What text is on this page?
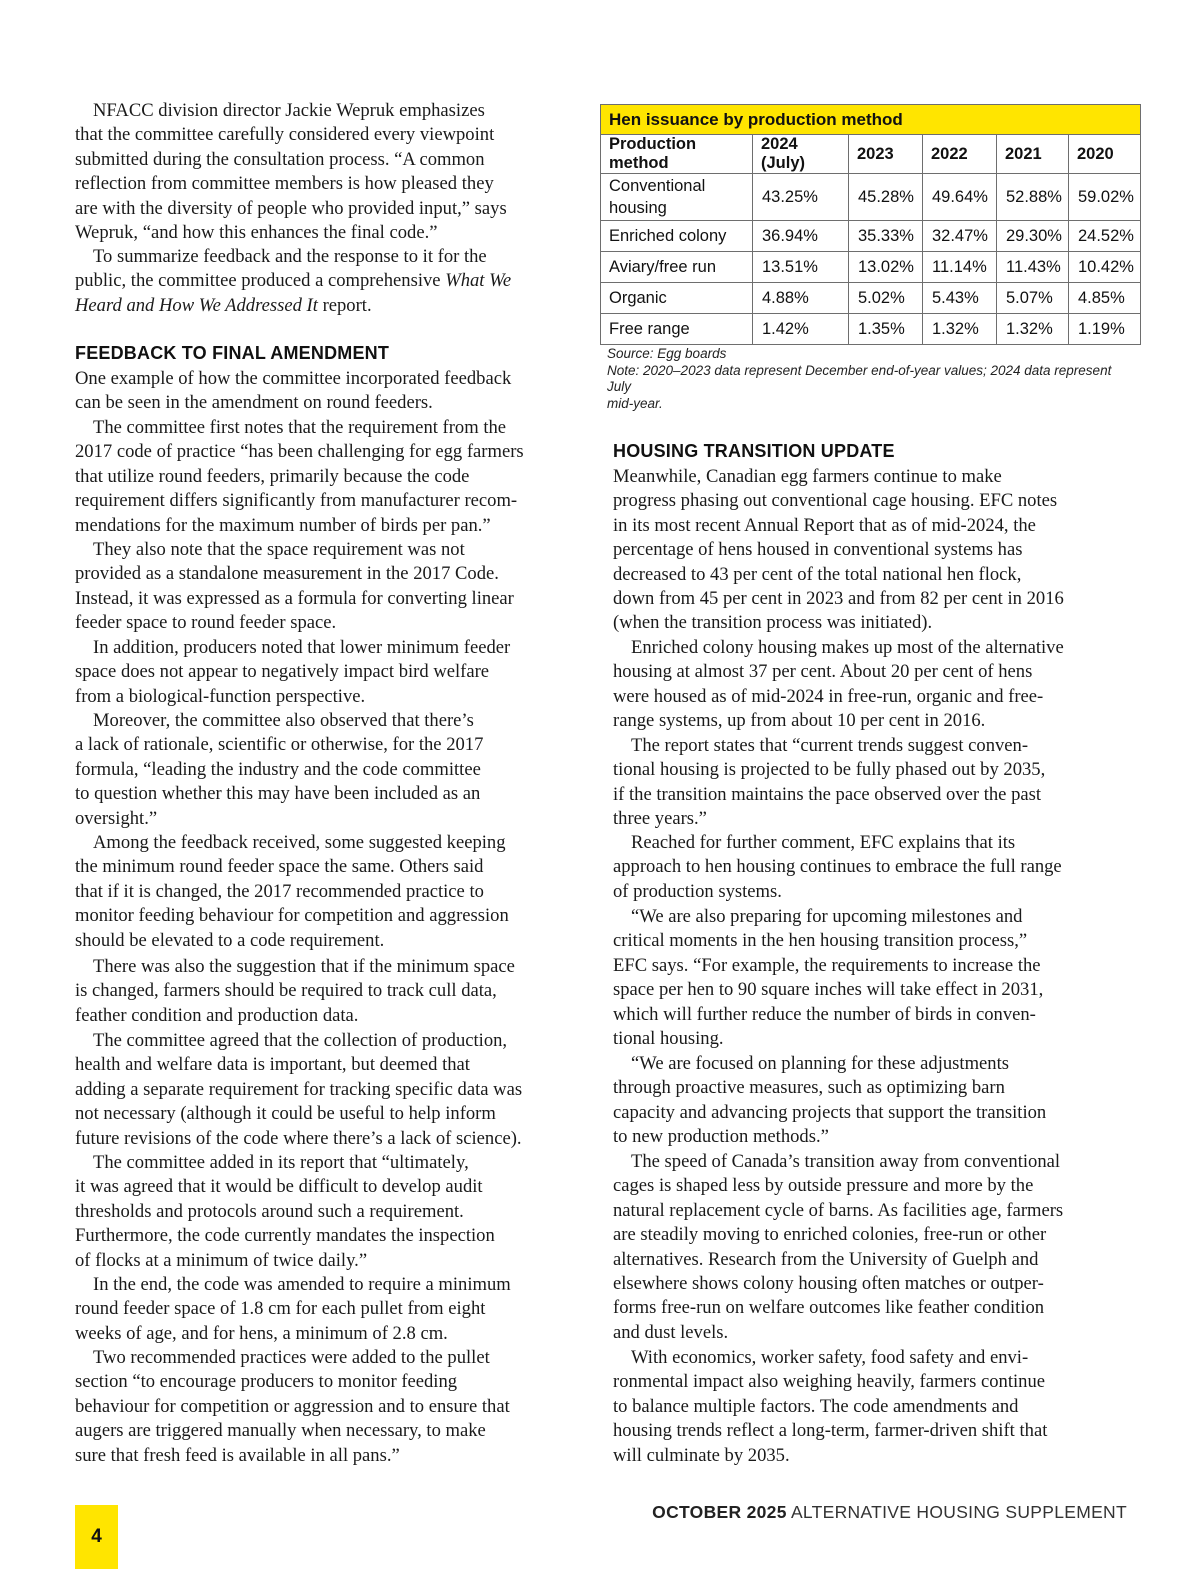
NFACC division director Jackie Wepruk emphasizes
that the committee carefully considered every viewpoint
submitted during the consultation process. “A common
reflection from committee members is how pleased they
are with the diversity of people who provided input,” says
Wepruk, “and how this enhances the final code.”
To summarize feedback and the response to it for the
public, the committee produced a comprehensive What We
Heard and How We Addressed It report.
FEEDBACK TO FINAL AMENDMENT
One example of how the committee incorporated feedback
can be seen in the amendment on round feeders.
The committee first notes that the requirement from the
2017 code of practice “has been challenging for egg farmers
that utilize round feeders, primarily because the code
requirement differs significantly from manufacturer recom-
mendations for the maximum number of birds per pan.”
They also note that the space requirement was not
provided as a standalone measurement in the 2017 Code.
Instead, it was expressed as a formula for converting linear
feeder space to round feeder space.
In addition, producers noted that lower minimum feeder
space does not appear to negatively impact bird welfare
from a biological-function perspective.
Moreover, the committee also observed that there’s
a lack of rationale, scientific or otherwise, for the 2017
formula, “leading the industry and the code committee
to question whether this may have been included as an
oversight.”
Among the feedback received, some suggested keeping
the minimum round feeder space the same. Others said
that if it is changed, the 2017 recommended practice to
monitor feeding behaviour for competition and aggression
should be elevated to a code requirement.
There was also the suggestion that if the minimum space
is changed, farmers should be required to track cull data,
feather condition and production data.
The committee agreed that the collection of production,
health and welfare data is important, but deemed that
adding a separate requirement for tracking specific data was
not necessary (although it could be useful to help inform
future revisions of the code where there’s a lack of science).
The committee added in its report that “ultimately,
it was agreed that it would be difficult to develop audit
thresholds and protocols around such a requirement.
Furthermore, the code currently mandates the inspection
of flocks at a minimum of twice daily.”
In the end, the code was amended to require a minimum
round feeder space of 1.8 cm for each pullet from eight
weeks of age, and for hens, a minimum of 2.8 cm.
Two recommended practices were added to the pullet
section “to encourage producers to monitor feeding
behaviour for competition or aggression and to ensure that
augers are triggered manually when necessary, to make
sure that fresh feed is available in all pans.”
Hen issuance by production method					
Production method	2024 (July)	2023	2022	2021	2020
Conventional
housing	43.25%	45.28%	49.64%	52.88%	59.02%
Enriched colony	36.94%	35.33%	32.47%	29.30%	24.52%
Aviary/free run	13.51%	13.02%	11.14%	11.43%	10.42%
Organic	4.88%	5.02%	5.43%	5.07%	4.85%
Free range	1.42%	1.35%	1.32%	1.32%	1.19%
Source: Egg boards
Note: 2020–2023 data represent December end-of-year values; 2024 data represent July
mid-year.
HOUSING TRANSITION UPDATE
Meanwhile, Canadian egg farmers continue to make
progress phasing out conventional cage housing. EFC notes
in its most recent Annual Report that as of mid-2024, the
percentage of hens housed in conventional systems has
decreased to 43 per cent of the total national hen flock,
down from 45 per cent in 2023 and from 82 per cent in 2016
(when the transition process was initiated).
Enriched colony housing makes up most of the alternative
housing at almost 37 per cent. About 20 per cent of hens
were housed as of mid-2024 in free-run, organic and free-
range systems, up from about 10 per cent in 2016.
The report states that “current trends suggest conven-
tional housing is projected to be fully phased out by 2035,
if the transition maintains the pace observed over the past
three years.”
Reached for further comment, EFC explains that its
approach to hen housing continues to embrace the full range
of production systems.
“We are also preparing for upcoming milestones and
critical moments in the hen housing transition process,”
EFC says. “For example, the requirements to increase the
space per hen to 90 square inches will take effect in 2031,
which will further reduce the number of birds in conven-
tional housing.
“We are focused on planning for these adjustments
through proactive measures, such as optimizing barn
capacity and advancing projects that support the transition
to new production methods.”
The speed of Canada’s transition away from conventional
cages is shaped less by outside pressure and more by the
natural replacement cycle of barns. As facilities age, farmers
are steadily moving to enriched colonies, free-run or other
alternatives. Research from the University of Guelph and
elsewhere shows colony housing often matches or outper-
forms free-run on welfare outcomes like feather condition
and dust levels.
With economics, worker safety, food safety and envi-
ronmental impact also weighing heavily, farmers continue
to balance multiple factors. The code amendments and
housing trends reflect a long-term, farmer-driven shift that
will culminate by 2035.
4
OCTOBER 2025 ALTERNATIVE HOUSING SUPPLEMENT
